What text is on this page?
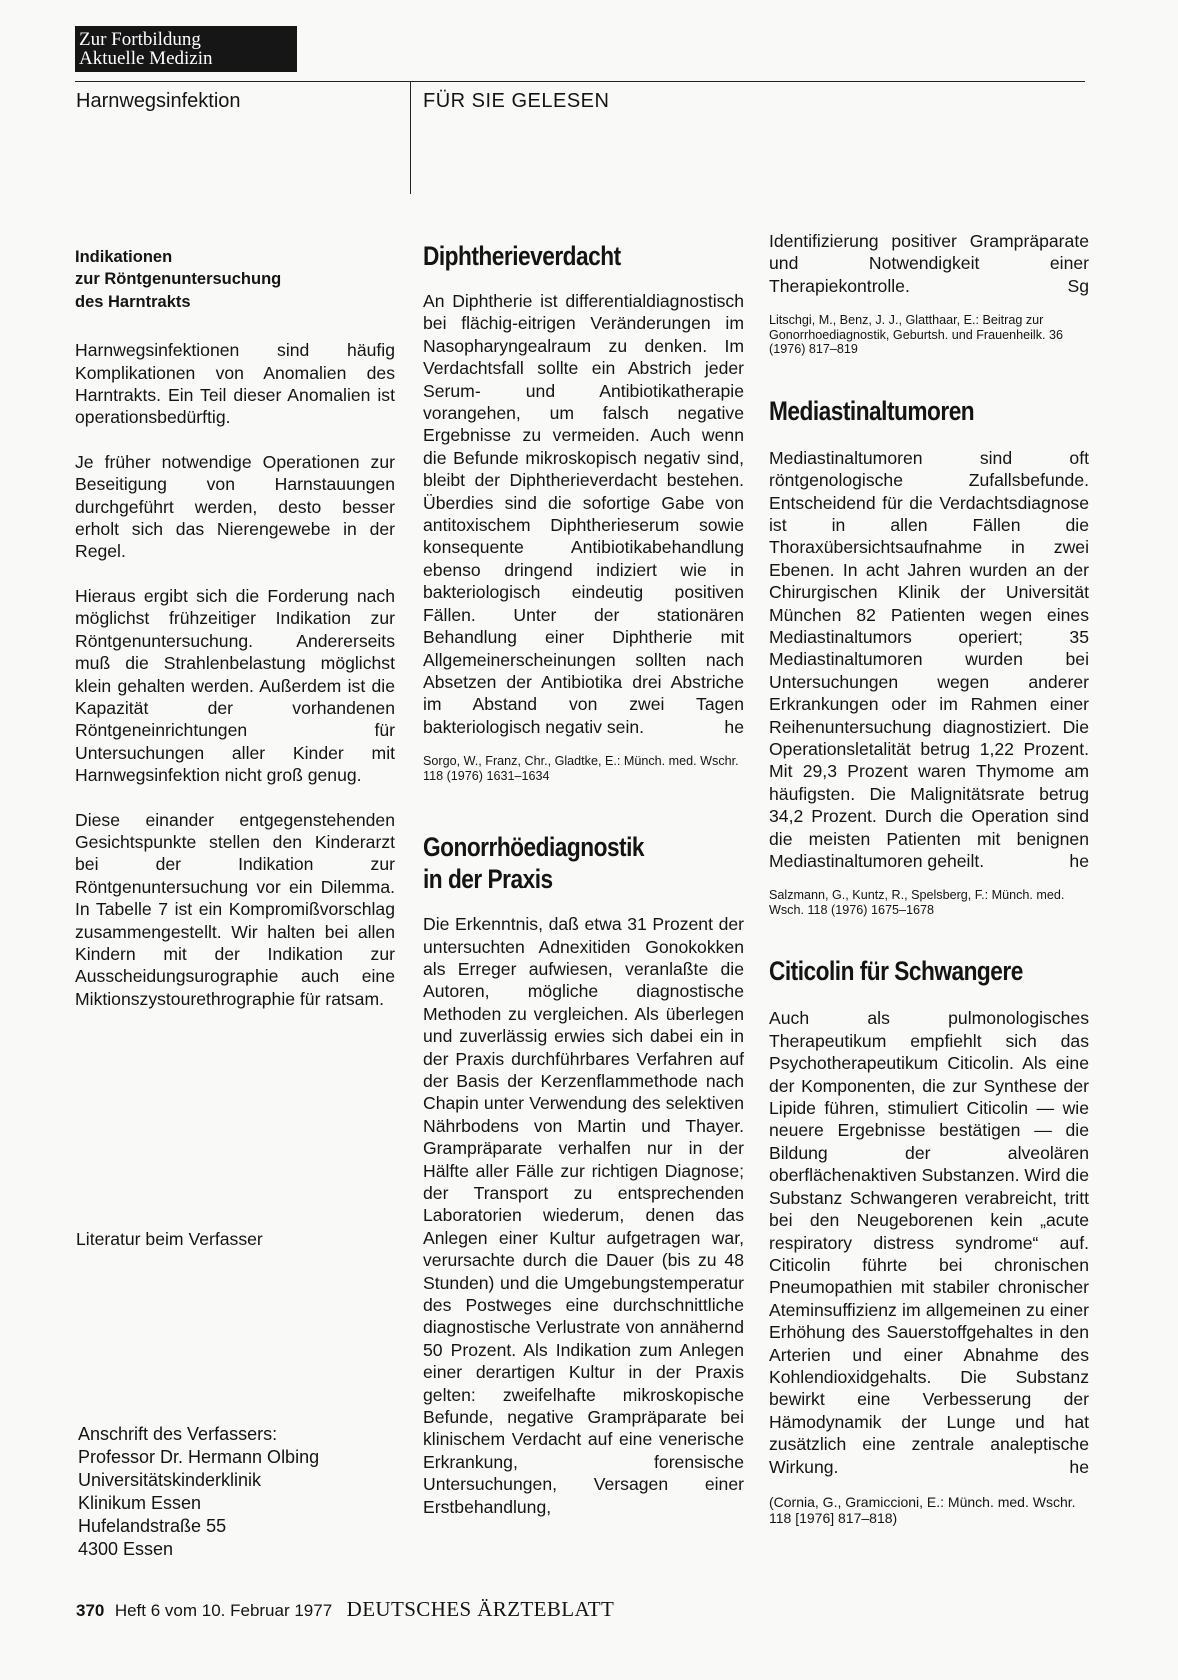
Zur Fortbildung
Aktuelle Medizin
Harnwegsinfektion	FÜR SIE GELESEN

Indikationen
zur Röntgenuntersuchung
des Harntrakts

Harnwegsinfektionen sind häufig Komplikationen von Anomalien des Harntrakts. Ein Teil dieser Anomalien ist operationsbedürftig.

Je früher notwendige Operationen zur Beseitigung von Harnstauungen durchgeführt werden, desto besser erholt sich das Nierengewebe in der Regel.

Hieraus ergibt sich die Forderung nach möglichst frühzeitiger Indikation zur Röntgenuntersuchung. Andererseits muß die Strahlenbelastung möglichst klein gehalten werden. Außerdem ist die Kapazität der vorhandenen Röntgeneinrichtungen für Untersuchungen aller Kinder mit Harnwegsinfektion nicht groß genug.

Diese einander entgegenstehenden Gesichtspunkte stellen den Kinderarzt bei der Indikation zur Röntgenuntersuchung vor ein Dilemma. In Tabelle 7 ist ein Kompromißvorschlag zusammengestellt. Wir halten bei allen Kindern mit der Indikation zur Ausscheidungsurographie auch eine Miktionszystourethrographie für ratsam.

Literatur beim Verfasser
Anschrift des Verfassers:
Professor Dr. Hermann Olbing
Universitätskinderklinik
Klinikum Essen
Hufelandstraße 55
4300 Essen
Diphtherieverdacht

An Diphtherie ist differentialdiagnostisch bei flächig-eitrigen Veränderungen im Nasopharyngealraum zu denken. Im Verdachtsfall sollte ein Abstrich jeder Serum- und Antibiotikatherapie vorangehen, um falsch negative Ergebnisse zu vermeiden. Auch wenn die Befunde mikroskopisch negativ sind, bleibt der Diphtherieverdacht bestehen. Überdies sind die sofortige Gabe von antitoxischem Diphtherieserum sowie konsequente Antibiotikabehandlung ebenso dringend indiziert wie in bakteriologisch eindeutig positiven Fällen. Unter der stationären Behandlung einer Diphtherie mit Allgemeinerscheinungen sollten nach Absetzen der Antibiotika drei Abstriche im Abstand von zwei Tagen bakteriologisch negativ sein.	he

Sorgo, W., Franz, Chr., Gladtke, E.: Münch. med. Wschr. 118 (1976) 1631–1634

Gonorrhöediagnostik
in der Praxis

Die Erkenntnis, daß etwa 31 Prozent der untersuchten Adnexitiden Gonokokken als Erreger aufwiesen, veranlaßte die Autoren, mögliche diagnostische Methoden zu vergleichen. Als überlegen und zuverlässig erwies sich dabei ein in der Praxis durchführbares Verfahren auf der Basis der Kerzenflammethode nach Chapin unter Verwendung des selektiven Nährbodens von Martin und Thayer. Grampräparate verhalfen nur in der Hälfte aller Fälle zur richtigen Diagnose; der Transport zu entsprechenden Laboratorien wiederum, denen das Anlegen einer Kultur aufgetragen war, verursachte durch die Dauer (bis zu 48 Stunden) und die Umgebungstemperatur des Postweges eine durchschnittliche diagnostische Verlustrate von annähernd 50 Prozent. Als Indikation zum Anlegen einer derartigen Kultur in der Praxis gelten: zweifelhafte mikroskopische Befunde, negative Grampräparate bei klinischem Verdacht auf eine venerische Erkrankung, forensische Untersuchungen, Versagen einer Erstbehandlung,

Identifizierung positiver Grampräparate und Notwendigkeit einer Therapiekontrolle.	Sg

Litschgi, M., Benz, J. J., Glatthaar, E.: Beitrag zur Gonorrhoediagnostik, Geburtsh. und Frauenheilk. 36 (1976) 817–819

Mediastinaltumoren

Mediastinaltumoren sind oft röntgenologische Zufallsbefunde. Entscheidend für die Verdachtsdiagnose ist in allen Fällen die Thoraxübersichtsaufnahme in zwei Ebenen. In acht Jahren wurden an der Chirurgischen Klinik der Universität München 82 Patienten wegen eines Mediastinaltumors operiert; 35 Mediastinaltumoren wurden bei Untersuchungen wegen anderer Erkrankungen oder im Rahmen einer Reihenuntersuchung diagnostiziert. Die Operationsletalität betrug 1,22 Prozent. Mit 29,3 Prozent waren Thymome am häufigsten. Die Malignitätsrate betrug 34,2 Prozent. Durch die Operation sind die meisten Patienten mit benignen Mediastinaltumoren geheilt.	he

Salzmann, G., Kuntz, R., Spelsberg, F.: Münch. med. Wsch. 118 (1976) 1675–1678

Citicolin für Schwangere

Auch als pulmonologisches Therapeutikum empfiehlt sich das Psychotherapeutikum Citicolin. Als eine der Komponenten, die zur Synthese der Lipide führen, stimuliert Citicolin — wie neuere Ergebnisse bestätigen — die Bildung der alveolären oberflächenaktiven Substanzen. Wird die Substanz Schwangeren verabreicht, tritt bei den Neugeborenen kein „acute respiratory distress syndrome“ auf. Citicolin führte bei chronischen Pneumopathien mit stabiler chronischer Ateminsuffizienz im allgemeinen zu einer Erhöhung des Sauerstoffgehaltes in den Arterien und einer Abnahme des Kohlendioxidgehalts. Die Substanz bewirkt eine Verbesserung der Hämodynamik der Lunge und hat zusätzlich eine zentrale analeptische Wirkung.	he

(Cornia, G., Gramiccioni, E.: Münch. med. Wschr. 118 [1976] 817–818)

370 Heft 6 vom 10. Februar 1977 DEUTSCHES ÄRZTEBLATT
